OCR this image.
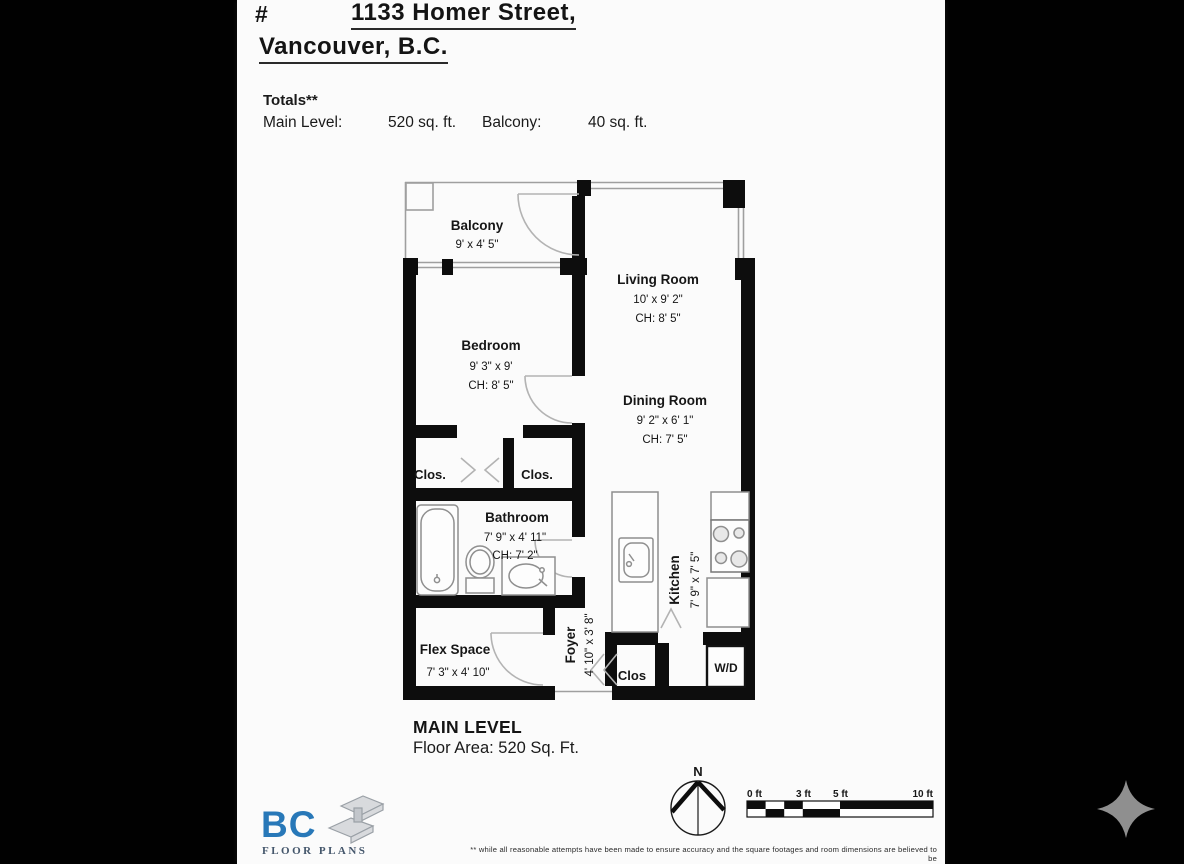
#	1133 Homer Street,
Vancouver, B.C.
Totals**
Main Level:	520 sq. ft. Balcony:	40 sq. ft.
Balcony
9' x 4' 5"
Living Room
10' x 9' 2"
CH: 8' 5"
Bedroom
9' 3" x 9'
CH: 8' 5"
Dining Room
9' 2" x 6' 1"
CH: 7' 5"
Clos.	Clos.
Bathroom
7' 9" x 4' 11"
CH: 7' 2"
Flex Space
7' 3" x 4' 10"
Foyer 4' 10" x 3' 8"
Kitchen 7' 9" x 7' 5"
Clos	W/D
MAIN LEVEL
Floor Area: 520 Sq. Ft.
N
0 ft	3 ft 5 ft	10 ft
BC
FLOOR PLANS	** while all reasonable attempts have been made to ensure accuracy and the square footages and room dimensions are believed to be
